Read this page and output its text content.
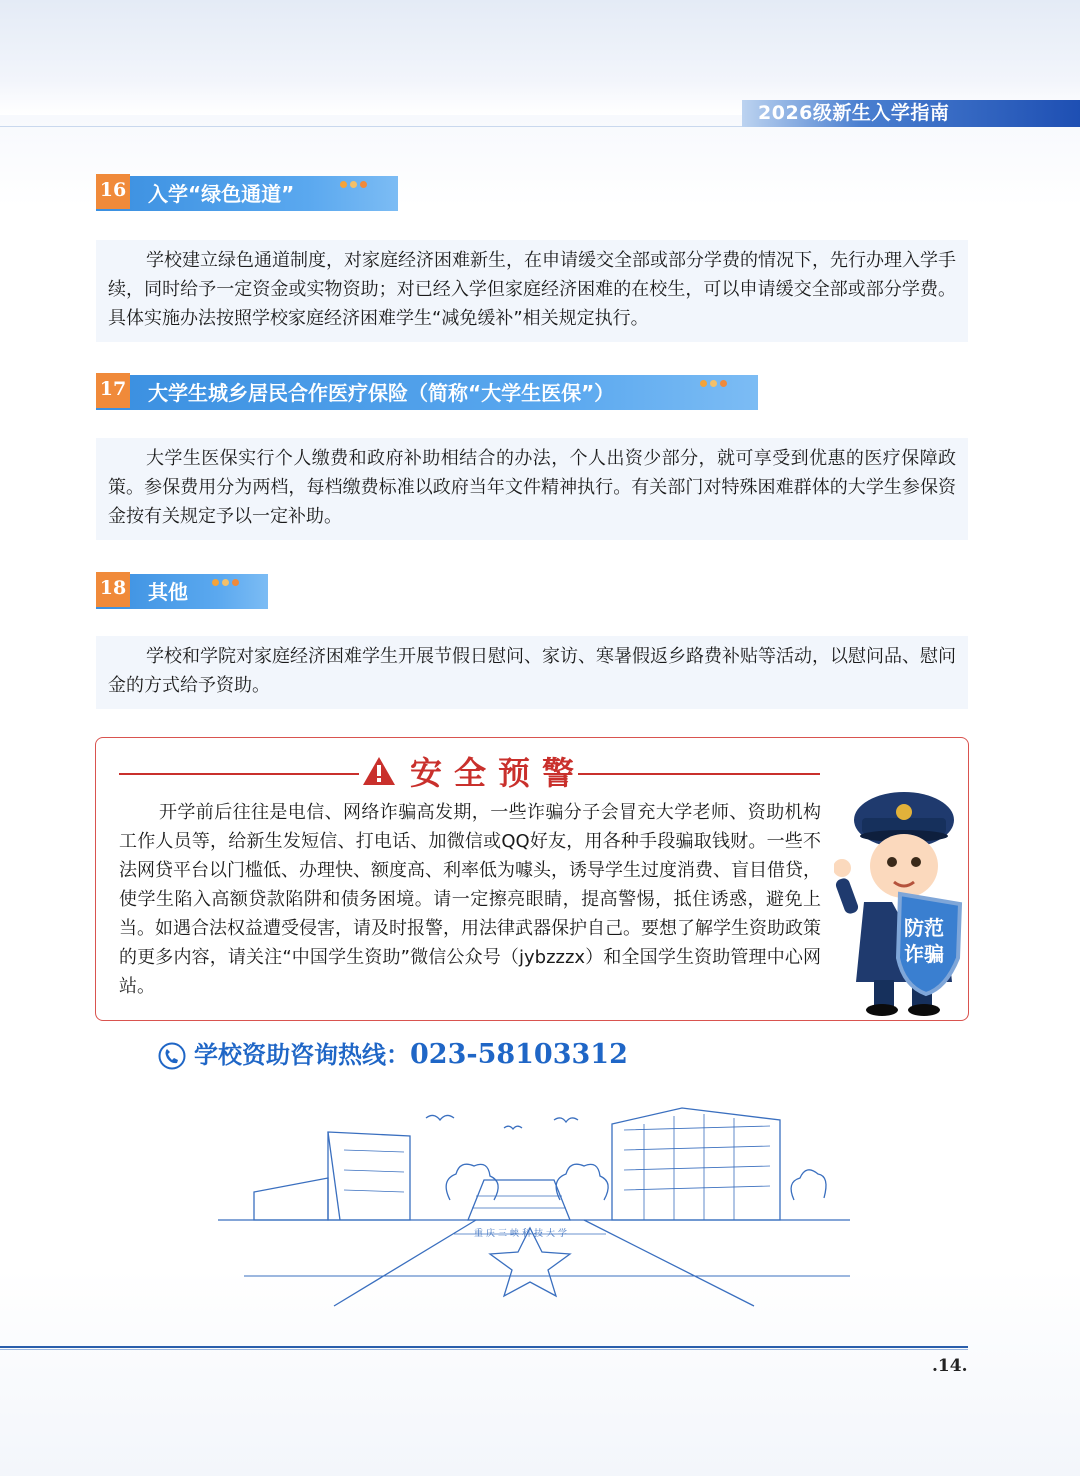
2026级新生入学指南
16 入学“绿色通道”

学校建立绿色通道制度，对家庭经济困难新生，在申请缓交全部或部分学费的情况下，先行办理入学手续，同时给予一定资金或实物资助；对已经入学但家庭经济困难的在校生，可以申请缓交全部或部分学费。具体实施办法按照学校家庭经济困难学生“减免缓补”相关规定执行。

17 大学生城乡居民合作医疗保险（简称“大学生医保”）

大学生医保实行个人缴费和政府补助相结合的办法，个人出资少部分，就可享受到优惠的医疗保障政策。参保费用分为两档，每档缴费标准以政府当年文件精神执行。有关部门对特殊困难群体的大学生参保资金按有关规定予以一定补助。

18 其他

学校和学院对家庭经济困难学生开展节假日慰问、家访、寒暑假返乡路费补贴等活动，以慰问品、慰问金的方式给予资助。

安全预警

开学前后往往是电信、网络诈骗高发期，一些诈骗分子会冒充大学老师、资助机构工作人员等，给新生发短信、打电话、加微信或QQ好友，用各种手段骗取钱财。一些不法网贷平台以门槛低、办理快、额度高、利率低为噱头，诱导学生过度消费、盲目借贷，使学生陷入高额贷款陷阱和债务困境。请一定擦亮眼睛，提高警惕，抵住诱惑，避免上当。如遇合法权益遭受侵害，请及时报警，用法律武器保护自己。要想了解学生资助政策的更多内容，请关注“中国学生资助”微信公众号（jybzzzx）和全国学生资助管理中心网站。

防范
诈骗
学校资助咨询热线：023-58103312
重庆三峡科技大学
.14.
